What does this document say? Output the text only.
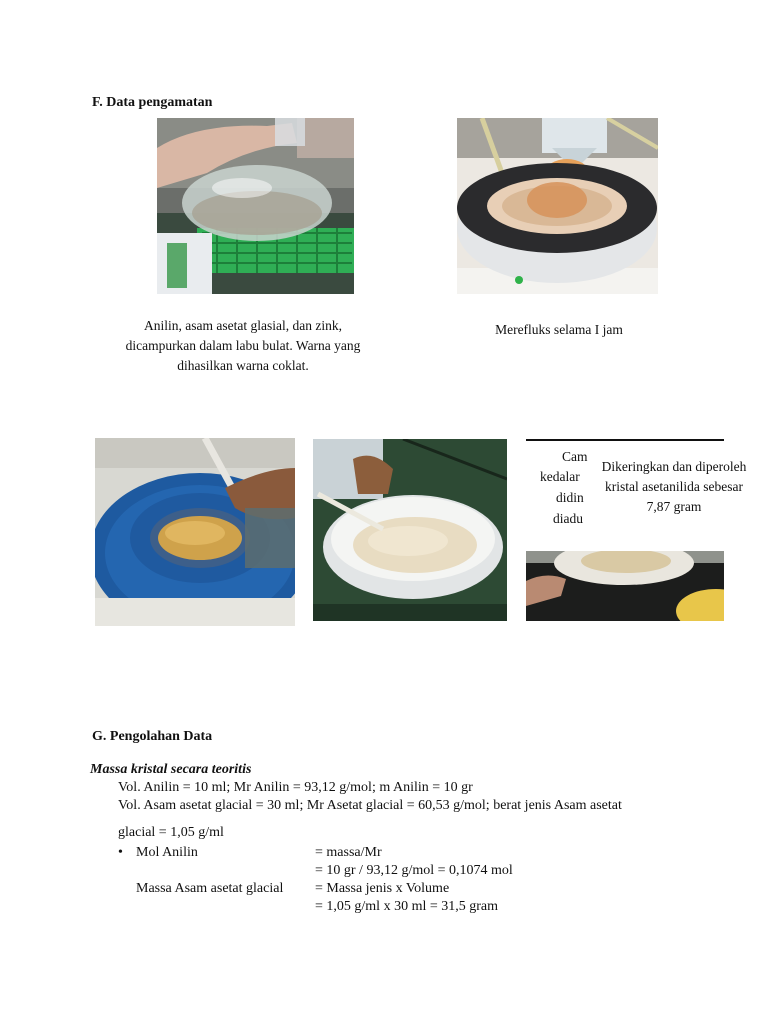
F. Data pengamatan
Anilin, asam asetat glasial, dan zink, dicampurkan dalam labu bulat. Warna yang dihasilkan warna coklat.
Merefluks selama I jam
Cam
kedalar
didin
diadu
Dikeringkan dan diperoleh
kristal asetanilida sebesar
7,87 gram
G. Pengolahan Data
Massa kristal secara teoritis
Vol. Anilin = 10 ml; Mr Anilin = 93,12 g/mol; m Anilin = 10 gr
Vol. Asam asetat glacial = 30 ml; Mr Asetat glacial = 60,53 g/mol; berat jenis Asam asetat
glacial = 1,05 g/ml
• Mol Anilin	= massa/Mr
= 10 gr / 93,12 g/mol = 0,1074 mol
Massa Asam asetat glacial = Massa jenis x Volume
= 1,05 g/ml x 30 ml = 31,5 gram
